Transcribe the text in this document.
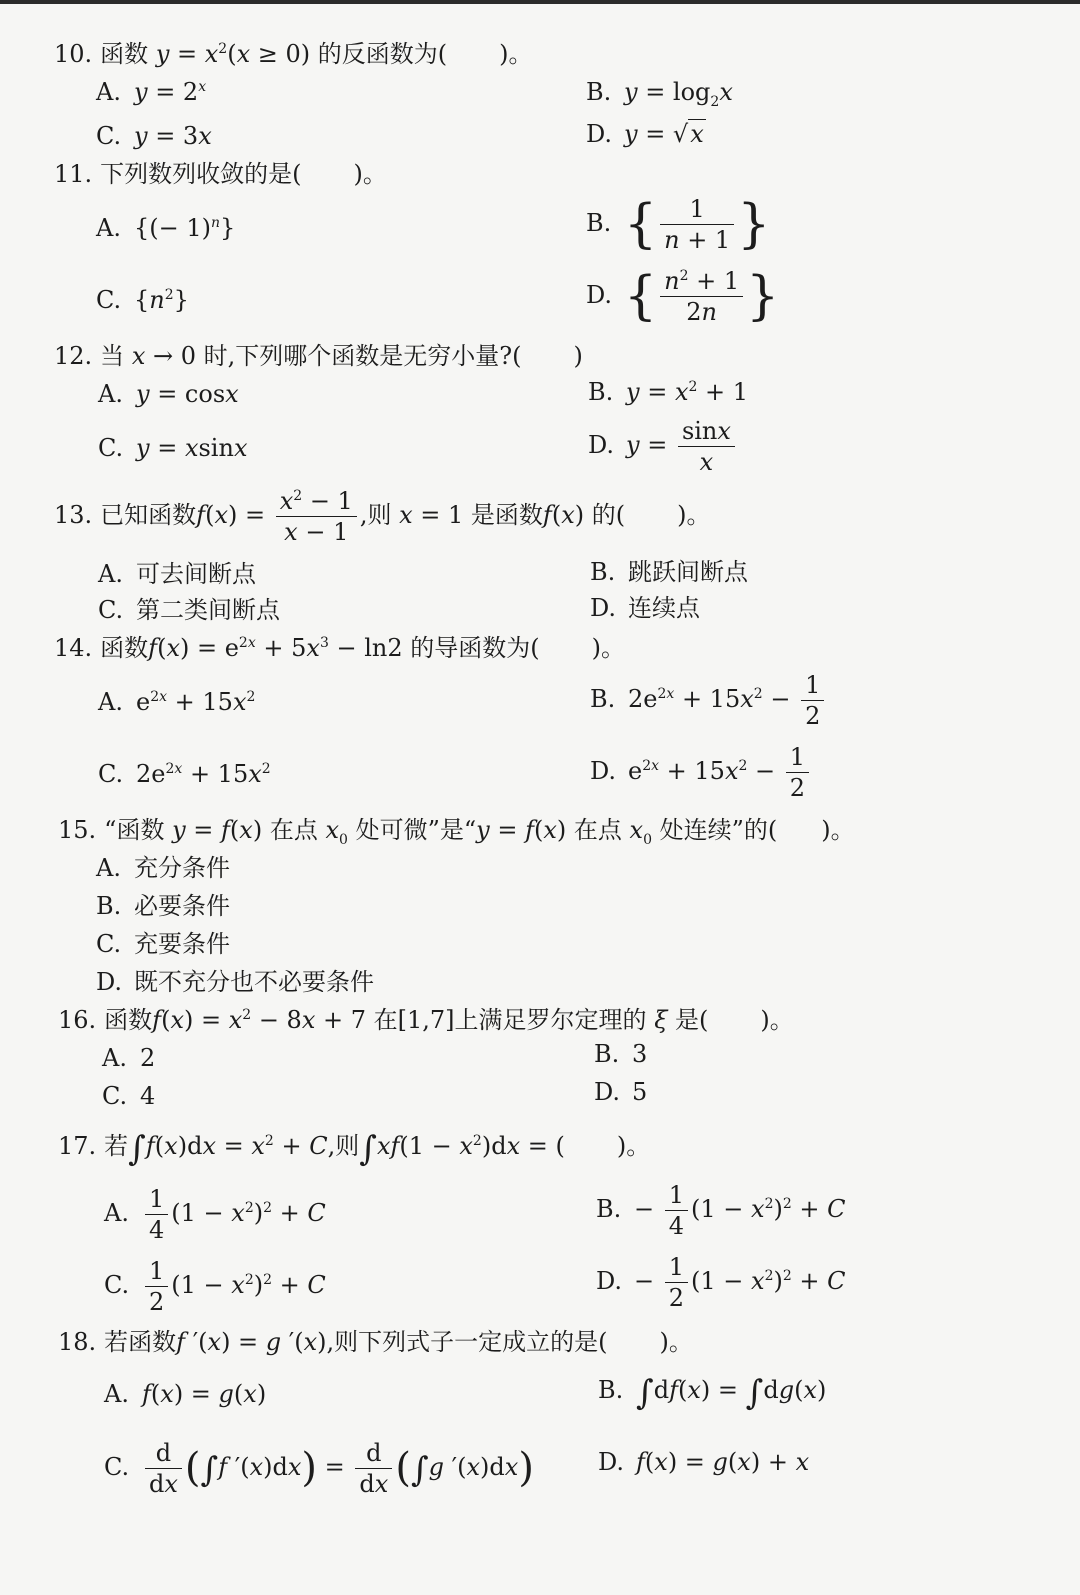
10. 函数 $y = x^2(x \ge 0)$ 的反函数为( )。
A. $y = 2^x$	B. $y = \log_2x$
C. y = 3x	D. y = √x
11. 下列数列收敛的是( )。
A. {(− 1)$^n$}	B. { $\frac{1}{n + 1}$ }
C. $\{n^2\}$	D. { $\frac{n^2 + 1}{2n}$ }
12. 当 x → 0 时,下列哪个函数是无穷小量?( )
A. y = cosx	B. $y = x^2 + 1$
C. y = xsinx	D. $y = \frac{\sin x}{x}$
13. 已知函数$f(x) = \frac{x^2 - 1}{x - 1}$ ,则 x = 1 是函数f(x) 的( )。
A. 可去间断点	B. 跳跃间断点
C. 第二类间断点	D. 连续点
14. 函数$f(x) = e^{2x} + 5x^3 - \ln 2$ 的导函数为( )。
A. $e^{2x} + 15x^2$	B. $2e^{2x} + 15x^2 - \frac{1}{2}$
C. $2e^{2x} + 15x^2$	D. $e^{2x} + 15x^2 - \frac{1}{2}$
15. “函数 y = f(x) 在点 $x_0$ 处可微”是“y = f(x) 在点 $x_0$ 处连续”的( )。
A. 充分条件
B. 必要条件
C. 充要条件
D. 既不充分也不必要条件
16. 函数$f(x) = x^2 - 8x + 7$ 在[1,7]上满足罗尔定理的 ξ 是( )。
A. 2	B. 3
C. 4	D. 5
17. 若$\int f(x)dx = x^2 + C$,则$\int xf(1 - x^2)dx$ = ( )。
A. $\frac{1}{4} (1 - x^2)^2 + C$	B. − $\frac{1}{4} (1 - x^2)^2 + C$
C. $\frac{1}{2} (1 - x^2)^2 + C$	D. − $\frac{1}{2} (1 - x^2)^2 + C$
18. 若函数f ′(x) = g ′(x),则下列式子一定成立的是( )。
A. f(x) = g(x)	B. ∫df(x) = ∫dg(x)
C. $\frac{d}{dx} (\int f$ $'(x)dx) = \frac{d}{dx} (\int g$ ′(x)dx)	D. f(x) = g(x) + x
